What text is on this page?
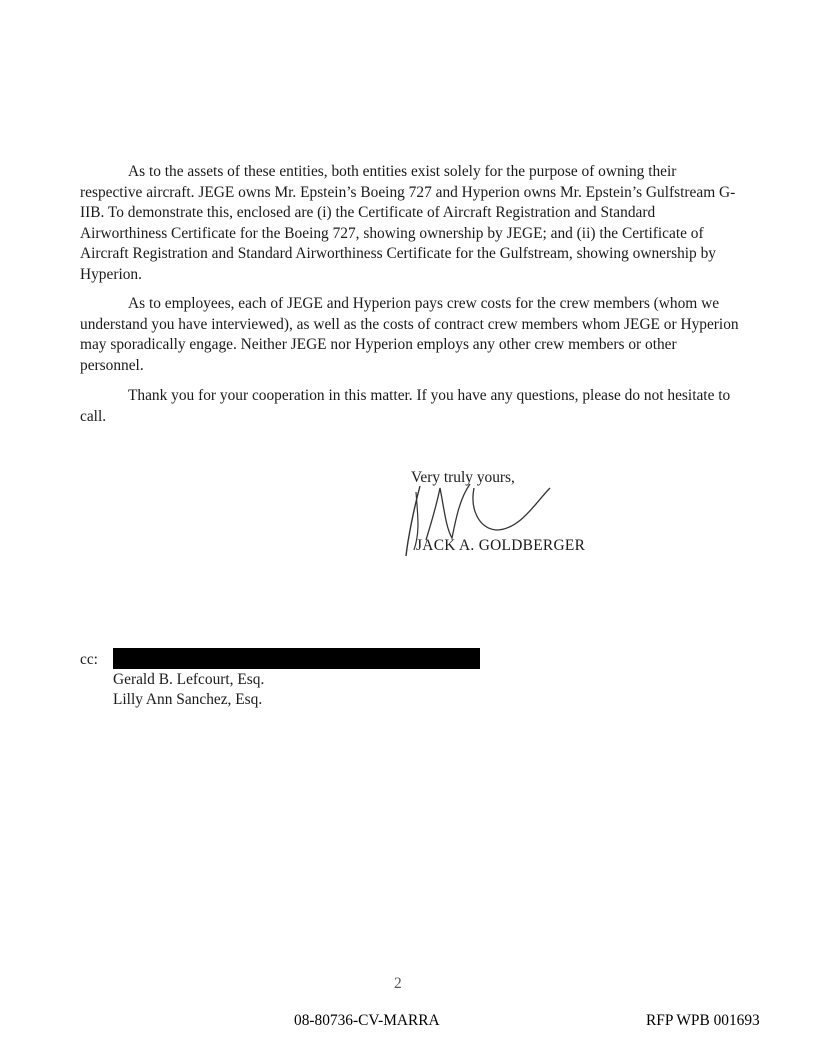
As to the assets of these entities, both entities exist solely for the purpose of owning their respective aircraft. JEGE owns Mr. Epstein’s Boeing 727 and Hyperion owns Mr. Epstein’s Gulfstream G-IIB. To demonstrate this, enclosed are (i) the Certificate of Aircraft Registration and Standard Airworthiness Certificate for the Boeing 727, showing ownership by JEGE; and (ii) the Certificate of Aircraft Registration and Standard Airworthiness Certificate for the Gulfstream, showing ownership by Hyperion.

As to employees, each of JEGE and Hyperion pays crew costs for the crew members (whom we understand you have interviewed), as well as the costs of contract crew members whom JEGE or Hyperion may sporadically engage. Neither JEGE nor Hyperion employs any other crew members or other personnel.

Thank you for your cooperation in this matter. If you have any questions, please do not hesitate to call.

Very truly yours,
JACK A. GOLDBERGER
cc:
Gerald B. Lefcourt, Esq.
Lilly Ann Sanchez, Esq.
2
08-80736-CV-MARRA	RFP WPB 001693
